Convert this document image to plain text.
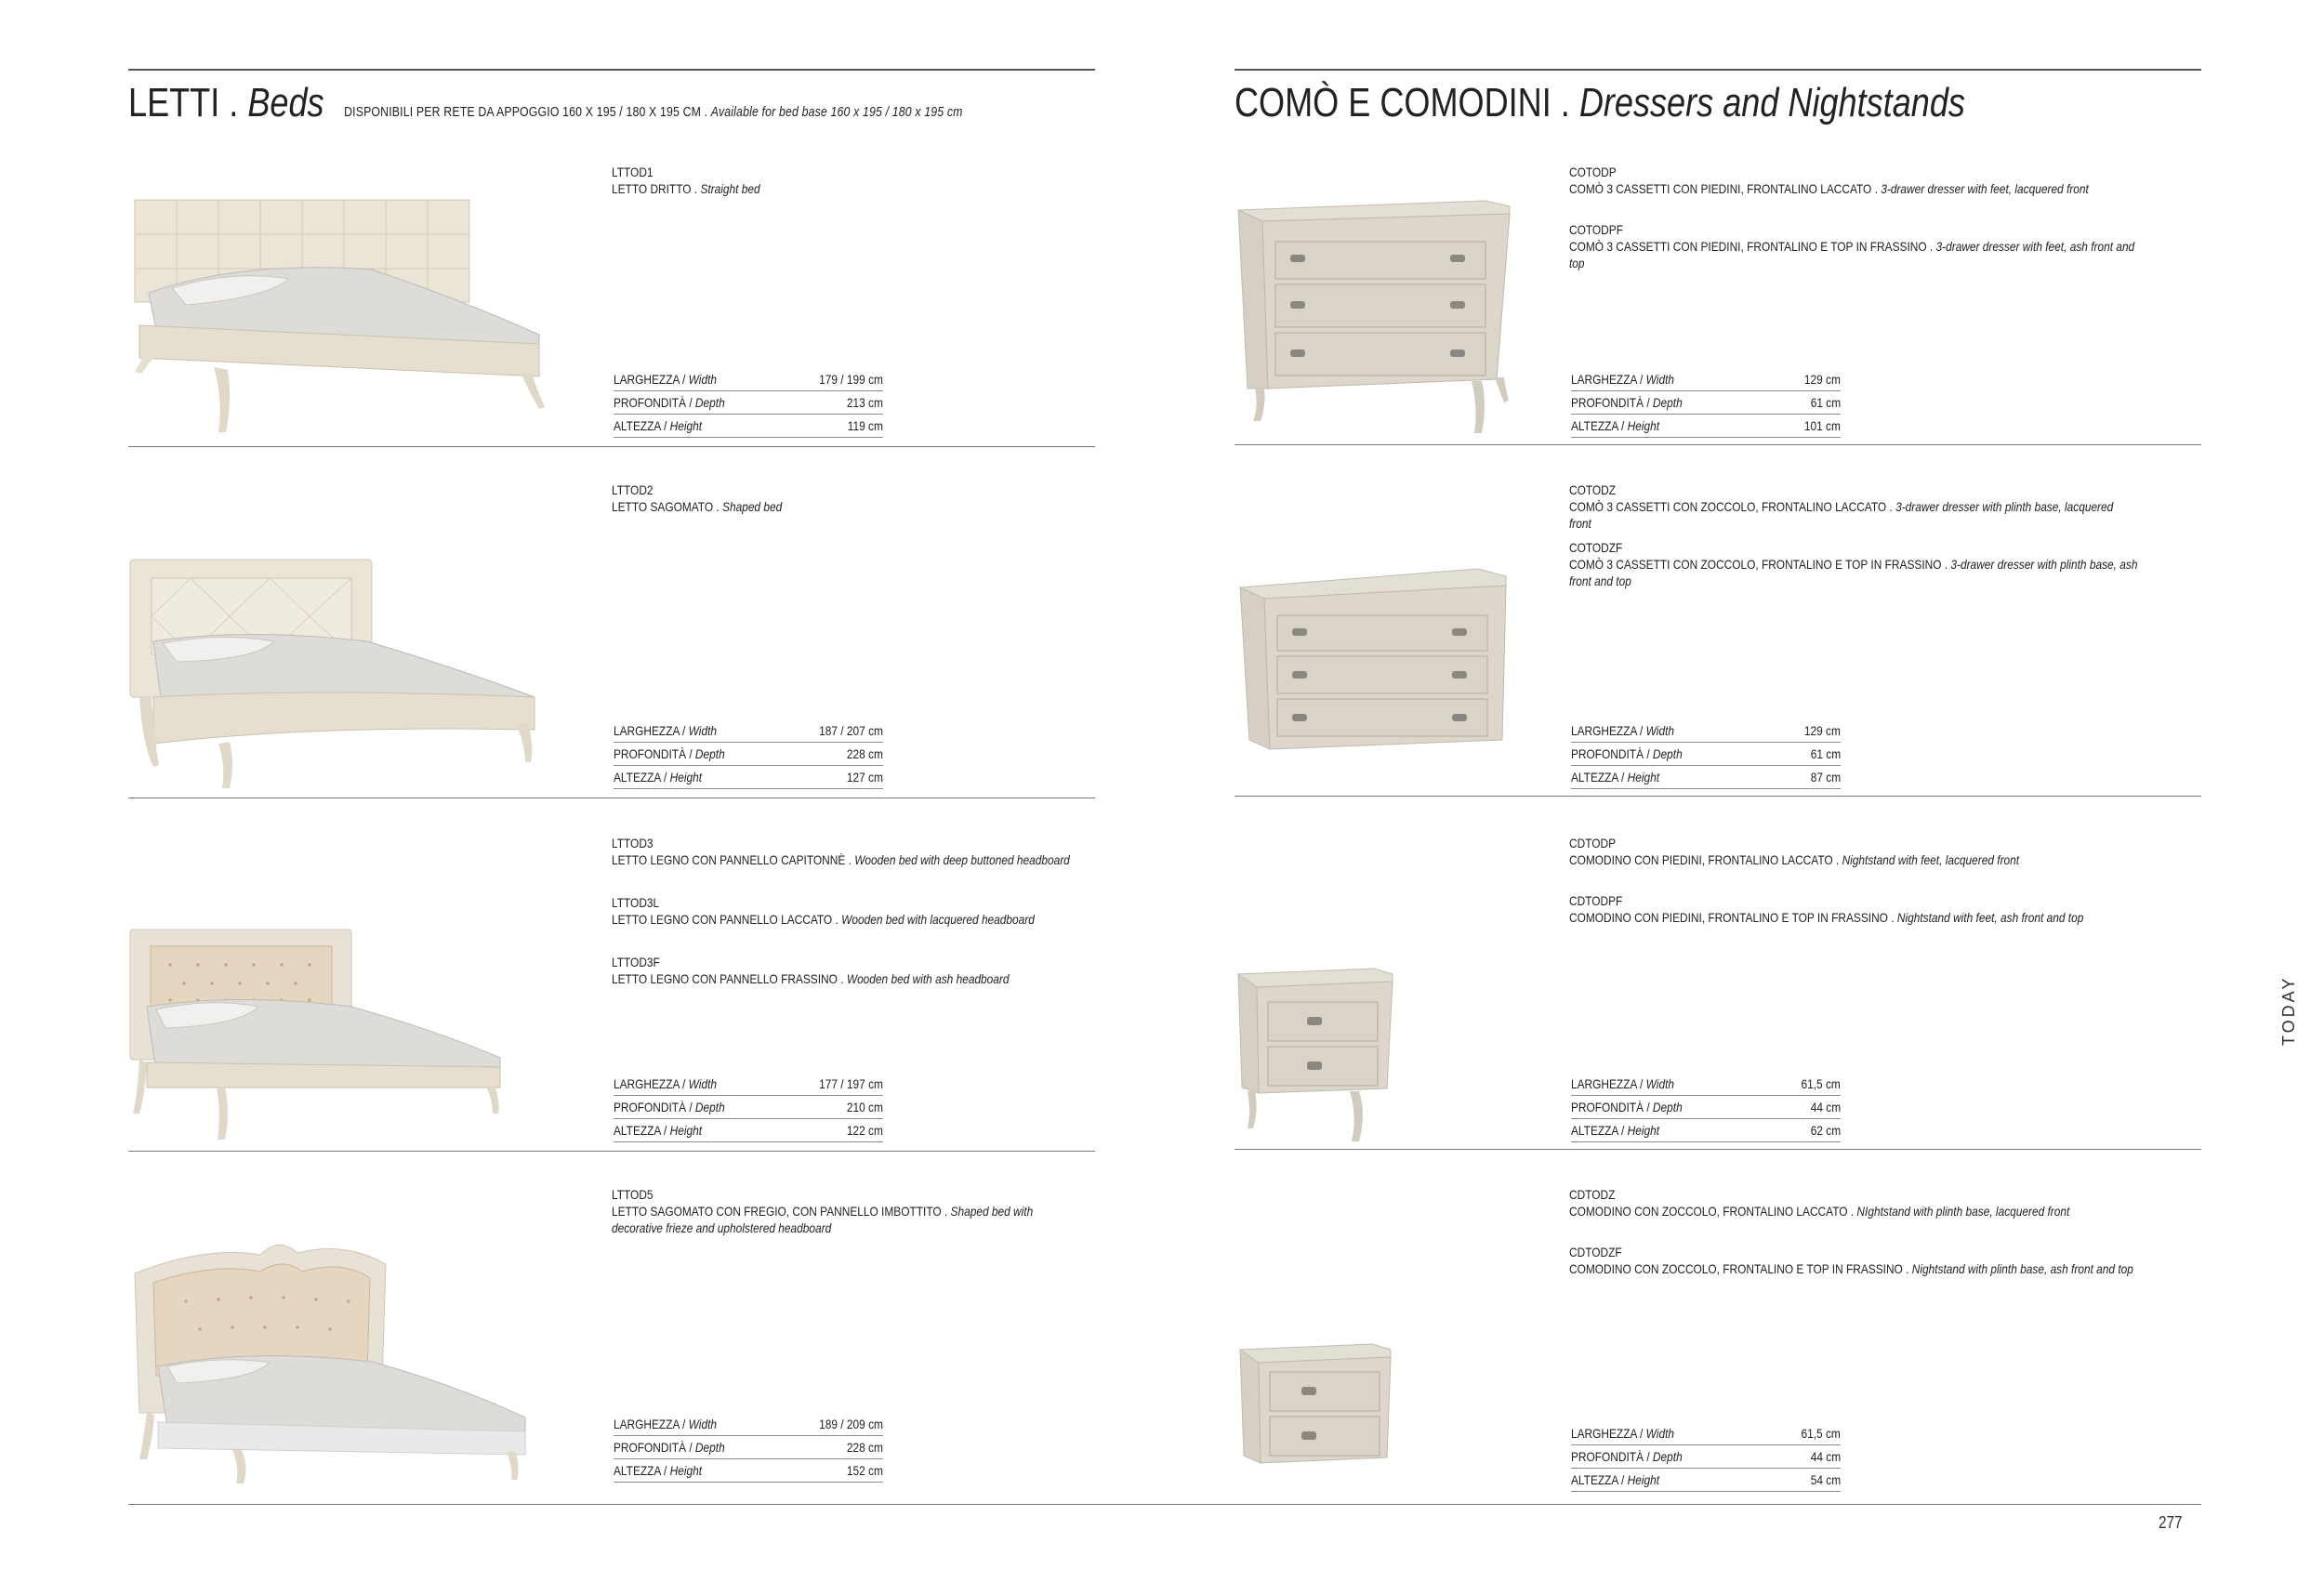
LETTI . Beds DISPONIBILI PER RETE DA APPOGGIO 160 X 195 / 180 X 195 CM . Available for bed base 160 x 195 / 180 x 195 cm	COMÒ E COMODINI . Dressers and Nightstands
LTTOD1
LETTO DRITTO . Straight bed
LARGHEZZA / Width	179 / 199 cm
PROFONDITÀ / Depth	213 cm
ALTEZZA / Height	119 cm
LTTOD2
LETTO SAGOMATO . Shaped bed
LARGHEZZA / Width	187 / 207 cm
PROFONDITÀ / Depth	228 cm
ALTEZZA / Height	127 cm
LTTOD3
LETTO LEGNO CON PANNELLO CAPITONNÈ . Wooden bed with deep buttoned headboard
LTTOD3L
LETTO LEGNO CON PANNELLO LACCATO . Wooden bed with lacquered headboard
LTTOD3F
LETTO LEGNO CON PANNELLO FRASSINO . Wooden bed with ash headboard
LARGHEZZA / Width	177 / 197 cm
PROFONDITÀ / Depth	210 cm
ALTEZZA / Height	122 cm
LTTOD5
LETTO SAGOMATO CON FREGIO, CON PANNELLO IMBOTTITO . Shaped bed with decorative frieze and upholstered headboard
LARGHEZZA / Width	189 / 209 cm
PROFONDITÀ / Depth	228 cm
ALTEZZA / Height	152 cm
COTODP
COMÒ 3 CASSETTI CON PIEDINI, FRONTALINO LACCATO . 3-drawer dresser with feet, lacquered front
COTODPF
COMÒ 3 CASSETTI CON PIEDINI, FRONTALINO E TOP IN FRASSINO . 3-drawer dresser with feet, ash front and top
LARGHEZZA / Width	129 cm
PROFONDITÀ / Depth	61 cm
ALTEZZA / Height	101 cm
COTODZ
COMÒ 3 CASSETTI CON ZOCCOLO, FRONTALINO LACCATO . 3-drawer dresser with plinth base, lacquered front
COTODZF
COMÒ 3 CASSETTI CON ZOCCOLO, FRONTALINO E TOP IN FRASSINO . 3-drawer dresser with plinth base, ash front and top
LARGHEZZA / Width	129 cm
PROFONDITÀ / Depth	61 cm
ALTEZZA / Height	87 cm
CDTODP
COMODINO CON PIEDINI, FRONTALINO LACCATO . Nightstand with feet, lacquered front
CDTODPF
COMODINO CON PIEDINI, FRONTALINO E TOP IN FRASSINO . Nightstand with feet, ash front and top
LARGHEZZA / Width	61,5 cm
PROFONDITÀ / Depth	44 cm
ALTEZZA / Height	62 cm
CDTODZ
COMODINO CON ZOCCOLO, FRONTALINO LACCATO . NIghtstand with plinth base, lacquered front
CDTODZF
COMODINO CON ZOCCOLO, FRONTALINO E TOP IN FRASSINO . Nightstand with plinth base, ash front and top
LARGHEZZA / Width	61,5 cm
PROFONDITÀ / Depth	44 cm
ALTEZZA / Height	54 cm
TODAY
277
